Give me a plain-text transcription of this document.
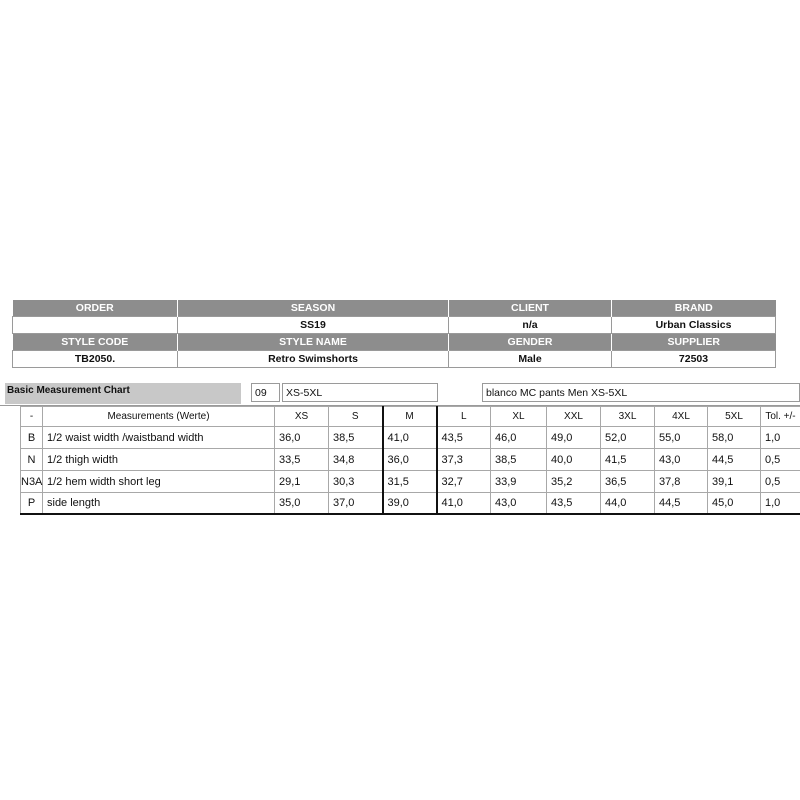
ORDER	SEASON	CLIENT	BRAND
	SS19	n/a	Urban Classics
STYLE CODE	STYLE NAME	GENDER	SUPPLIER
TB2050.	Retro Swimshorts	Male	72503
Basic Measurement Chart	09	XS-5XL	blanco MC pants Men XS-5XL
-	Measurements (Werte)	XS	S	M	L	XL	XXL	3XL	4XL	5XL	Tol. +/-
B	1/2 waist width /waistband width	36,0	38,5	41,0	43,5	46,0	49,0	52,0	55,0	58,0	1,0
N	1/2 thigh width	33,5	34,8	36,0	37,3	38,5	40,0	41,5	43,0	44,5	0,5
N3A	1/2 hem width short leg	29,1	30,3	31,5	32,7	33,9	35,2	36,5	37,8	39,1	0,5
P	side length	35,0	37,0	39,0	41,0	43,0	43,5	44,0	44,5	45,0	1,0
